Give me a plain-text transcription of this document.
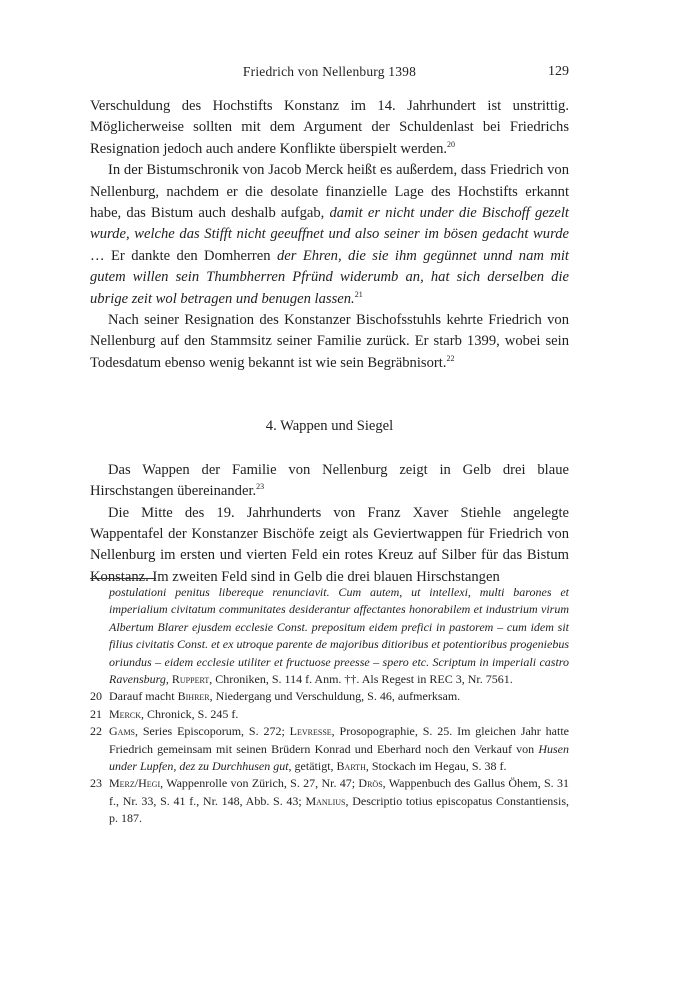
Friedrich von Nellenburg 1398	129

Verschuldung des Hochstifts Konstanz im 14. Jahrhundert ist unstrittig. Möglicherweise sollten mit dem Argument der Schuldenlast bei Friedrichs Resignation jedoch auch andere Konflikte überspielt werden.$^{20}$

In der Bistumschronik von Jacob Merck heißt es außerdem, dass Friedrich von Nellenburg, nachdem er die desolate finanzielle Lage des Hochstifts erkannt habe, das Bistum auch deshalb aufgab, damit er nicht under die Bischoff gezelt wurde, welche das Stifft nicht geeuffnet und also seiner im bösen gedacht wurde … Er dankte den Domherren der Ehren, die sie ihm gegünnet unnd nam mit gutem willen sein Thumbherren Pfründ widerumb an, hat sich derselben die ubrige zeit wol betragen und benugen lassen.$^{21}$

Nach seiner Resignation des Konstanzer Bischofsstuhls kehrte Friedrich von Nellenburg auf den Stammsitz seiner Familie zurück. Er starb 1399, wobei sein Todesdatum ebenso wenig bekannt ist wie sein Begräbnisort.$^{22}$

4. Wappen und Siegel

Das Wappen der Familie von Nellenburg zeigt in Gelb drei blaue Hirschstangen übereinander.$^{23}$

Die Mitte des 19. Jahrhunderts von Franz Xaver Stiehle angelegte Wappentafel der Konstanzer Bischöfe zeigt als Geviertwappen für Friedrich von Nellenburg im ersten und vierten Feld ein rotes Kreuz auf Silber für das Bistum Konstanz. Im zweiten Feld sind in Gelb die drei blauen Hirschstangen

postulationi penitus libereque renunciavit. Cum autem, ut intellexi, multi barones et imperialium civitatum communitates desiderantur affectantes honorabilem et industrium virum Albertum Blarer ejusdem ecclesie Const. prepositum eidem prefici in pastorem – cum idem sit filius civitatis Const. et ex utroque parente de majoribus ditioribus et potentioribus progeniebus oriundus – eidem ecclesie utiliter et fructuose preesse – spero etc. Scriptum in imperiali castro Ravensburg, Ruppert, Chroniken, S. 114 f. Anm. ††. Als Regest in REC 3, Nr. 7561.
20 Darauf macht Bihrer, Niedergang und Verschuldung, S. 46, aufmerksam.
21 Merck, Chronick, S. 245 f.
22 Gams, Series Episcoporum, S. 272; Levresse, Prosopographie, S. 25. Im gleichen Jahr hatte Friedrich gemeinsam mit seinen Brüdern Konrad und Eberhard noch den Verkauf von Husen under Lupfen, dez zu Durchhusen gut, getätigt, Barth, Stockach im Hegau, S. 38 f.
23 Merz/Hegi, Wappenrolle von Zürich, S. 27, Nr. 47; Drös, Wappenbuch des Gallus Öhem, S. 31 f., Nr. 33, S. 41 f., Nr. 148, Abb. S. 43; Manlius, Descriptio totius episcopatus Constantiensis, p. 187.
